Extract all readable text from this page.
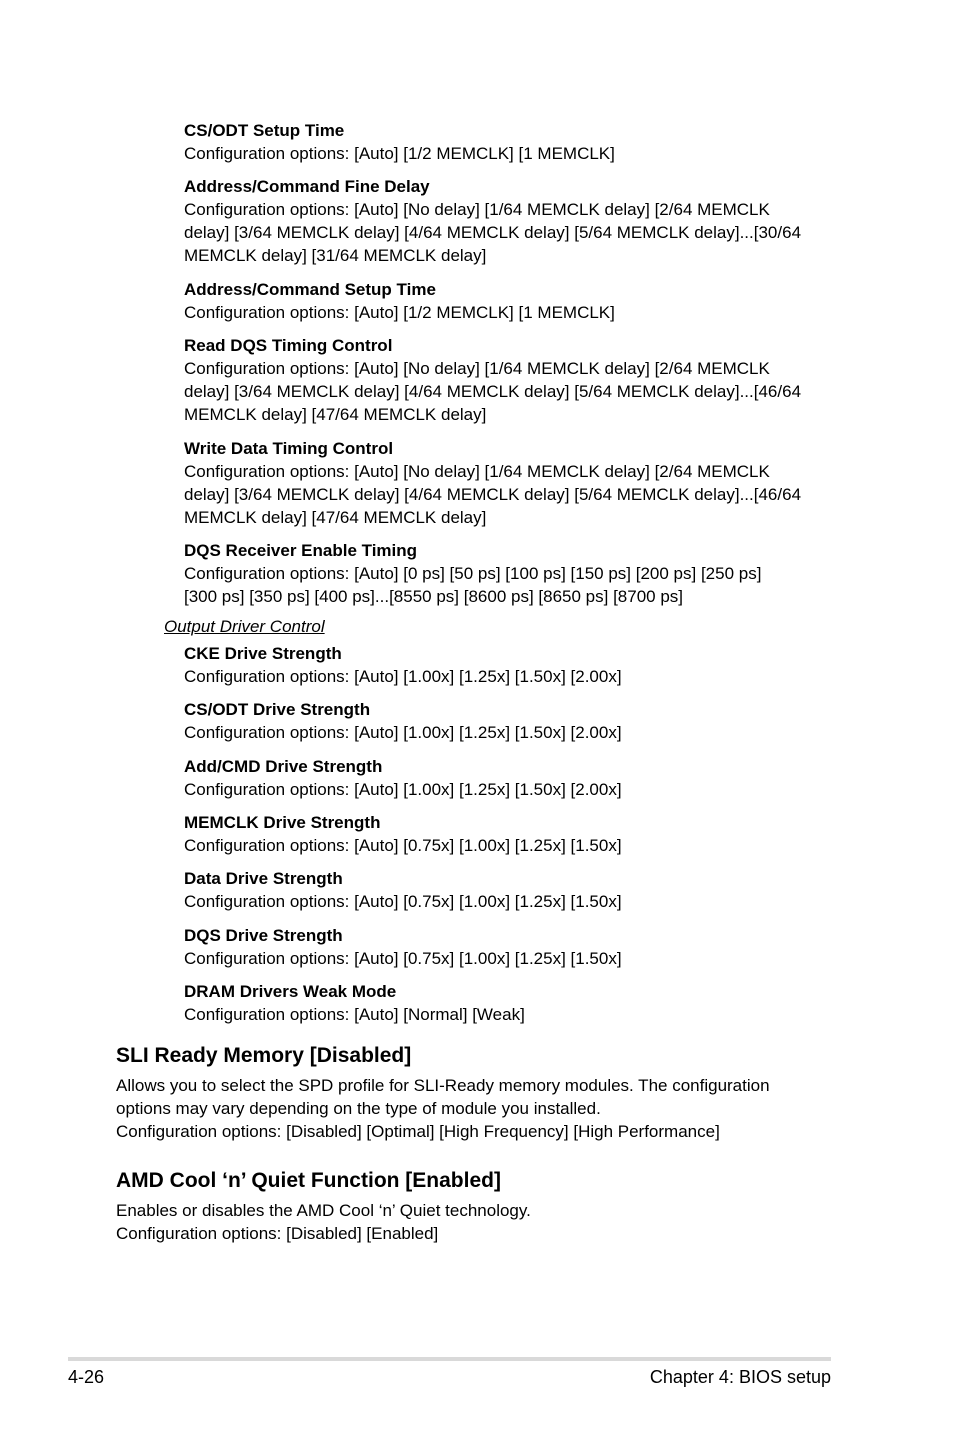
CS/ODT Setup Time

Configuration options: [Auto] [1/2 MEMCLK] [1 MEMCLK]

Address/Command Fine Delay

Configuration options: [Auto] [No delay] [1/64 MEMCLK delay] [2/64 MEMCLK

delay] [3/64 MEMCLK delay] [4/64 MEMCLK delay] [5/64 MEMCLK delay]...[30/64

MEMCLK delay] [31/64 MEMCLK delay]

Address/Command Setup Time

Configuration options: [Auto] [1/2 MEMCLK] [1 MEMCLK]

Read DQS Timing Control

Configuration options: [Auto] [No delay] [1/64 MEMCLK delay] [2/64 MEMCLK

delay] [3/64 MEMCLK delay] [4/64 MEMCLK delay] [5/64 MEMCLK delay]...[46/64

MEMCLK delay] [47/64 MEMCLK delay]

Write Data Timing Control

Configuration options: [Auto] [No delay] [1/64 MEMCLK delay] [2/64 MEMCLK

delay] [3/64 MEMCLK delay] [4/64 MEMCLK delay] [5/64 MEMCLK delay]...[46/64

MEMCLK delay] [47/64 MEMCLK delay]

DQS Receiver Enable Timing

Configuration options: [Auto] [0 ps] [50 ps] [100 ps] [150 ps] [200 ps] [250 ps]

[300 ps] [350 ps] [400 ps]...[8550 ps] [8600 ps] [8650 ps] [8700 ps]

Output Driver Control

CKE Drive Strength

Configuration options: [Auto] [1.00x] [1.25x] [1.50x] [2.00x]

CS/ODT Drive Strength

Configuration options: [Auto] [1.00x] [1.25x] [1.50x] [2.00x]

Add/CMD Drive Strength

Configuration options: [Auto] [1.00x] [1.25x] [1.50x] [2.00x]

MEMCLK Drive Strength

Configuration options: [Auto] [0.75x] [1.00x] [1.25x] [1.50x]

Data Drive Strength

Configuration options: [Auto] [0.75x] [1.00x] [1.25x] [1.50x]

DQS Drive Strength

Configuration options: [Auto] [0.75x] [1.00x] [1.25x] [1.50x]

DRAM Drivers Weak Mode

Configuration options: [Auto] [Normal] [Weak]

SLI Ready Memory [Disabled]

Allows you to select the SPD profile for SLI-Ready memory modules. The configuration

options may vary depending on the type of module you installed.

Configuration options: [Disabled] [Optimal] [High Frequency] [High Performance]

AMD Cool ‘n’ Quiet Function [Enabled]

Enables or disables the AMD Cool ‘n’ Quiet technology.

Configuration options: [Disabled] [Enabled]

4-26	Chapter 4: BIOS setup
